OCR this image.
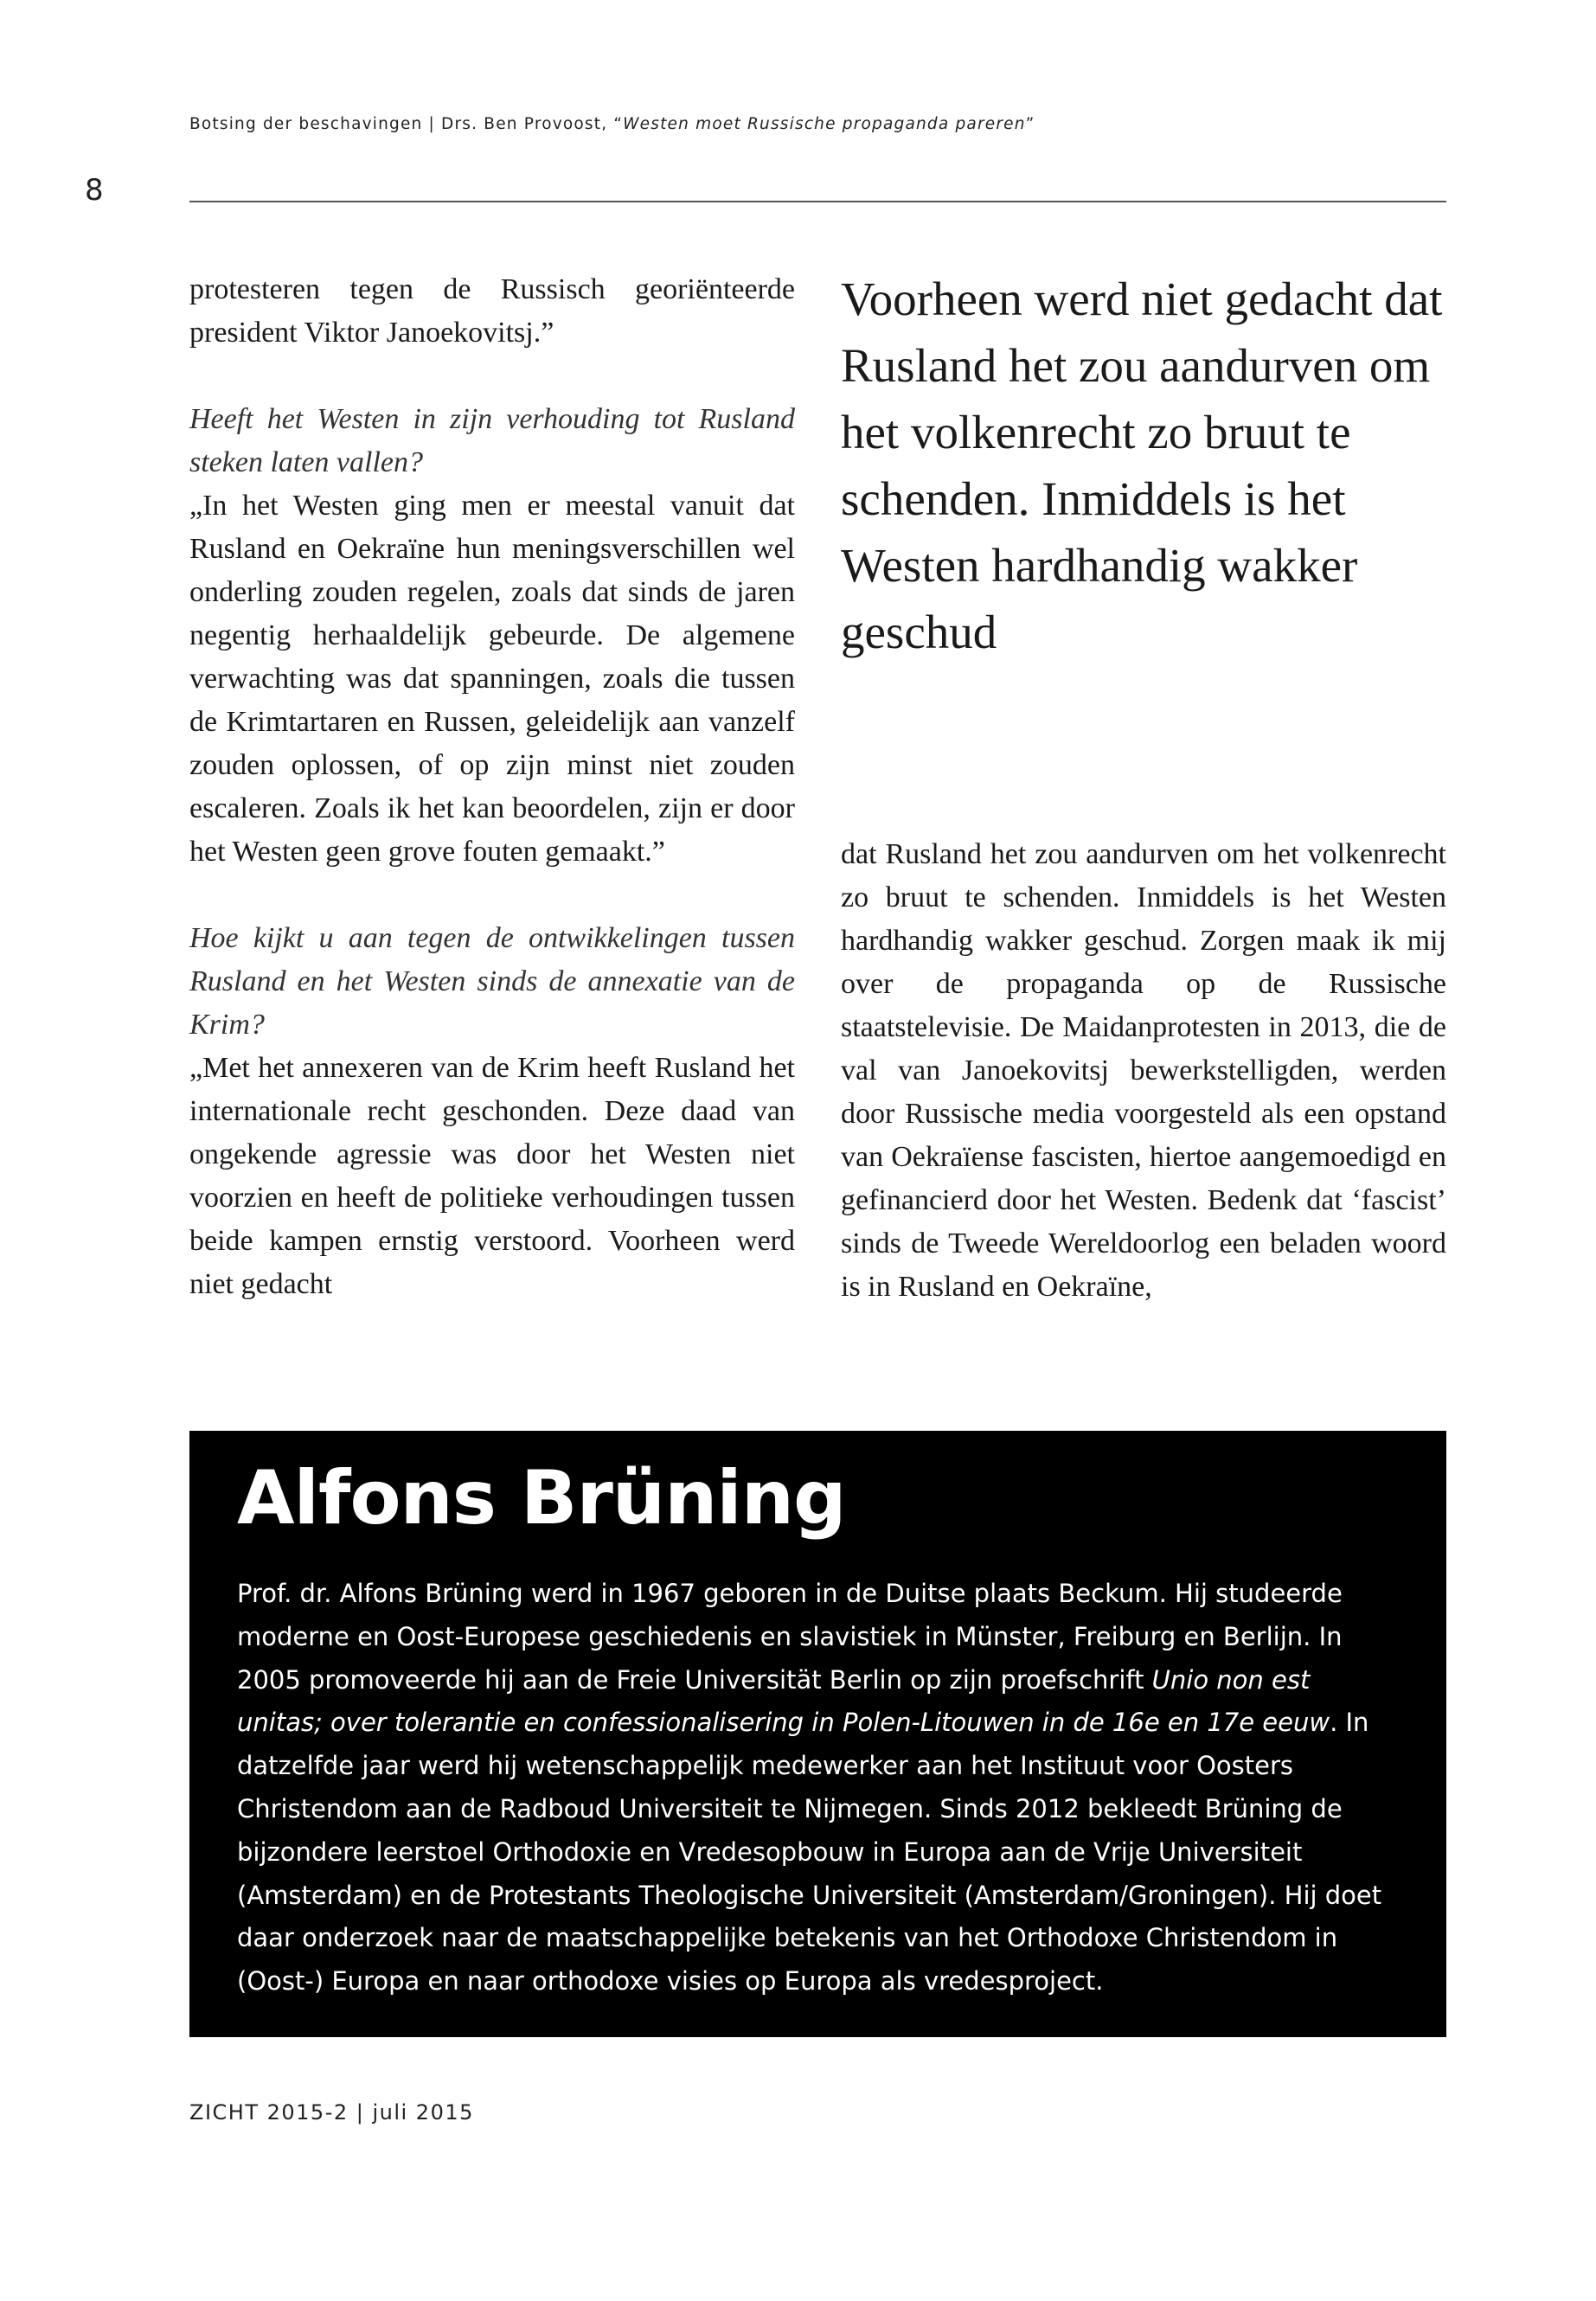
Botsing der beschavingen | Drs. Ben Provoost, “Westen moet Russische propaganda pareren”
8

protesteren tegen de Russisch georiënteerde president Viktor Janoekovitsj.”

Heeft het Westen in zijn verhouding tot Rusland steken laten vallen?

„In het Westen ging men er meestal vanuit dat Rusland en Oekraïne hun meningsverschillen wel onderling zouden regelen, zoals dat sinds de jaren negentig herhaaldelijk gebeurde. De algemene verwachting was dat spanningen, zoals die tussen de Krimtartaren en Russen, geleidelijk aan vanzelf zouden oplossen, of op zijn minst niet zouden escaleren. Zoals ik het kan beoordelen, zijn er door het Westen geen grove fouten gemaakt.”

Hoe kijkt u aan tegen de ontwikkelingen tussen Rusland en het Westen sinds de annexatie van de Krim?

„Met het annexeren van de Krim heeft Rusland het internationale recht geschonden. Deze daad van ongekende agressie was door het Westen niet voorzien en heeft de politieke verhoudingen tussen beide kampen ernstig verstoord. Voorheen werd niet gedacht

Voorheen werd niet gedacht dat Rusland het zou aandurven om het volkenrecht zo bruut te schenden. Inmiddels is het Westen hardhandig wakker geschud

dat Rusland het zou aandurven om het volkenrecht zo bruut te schenden. Inmiddels is het Westen hardhandig wakker geschud. Zorgen maak ik mij over de propaganda op de Russische staatstelevisie. De Maidanprotesten in 2013, die de val van Janoekovitsj bewerkstelligden, werden door Russische media voorgesteld als een opstand van Oekraïense fascisten, hiertoe aangemoedigd en gefinancierd door het Westen. Bedenk dat ‘fascist’ sinds de Tweede Wereldoorlog een beladen woord is in Rusland en Oekraïne,

Alfons Brüning

Prof. dr. Alfons Brüning werd in 1967 geboren in de Duitse plaats Beckum. Hij studeerde moderne en Oost-Europese geschiedenis en slavistiek in Münster, Freiburg en Berlijn. In 2005 promoveerde hij aan de Freie Universität Berlin op zijn proefschrift Unio non est unitas; over tolerantie en confessionalisering in Polen-Litouwen in de 16e en 17e eeuw. In datzelfde jaar werd hij wetenschappelijk medewerker aan het Instituut voor Oosters Christendom aan de Radboud Universiteit te Nijmegen. Sinds 2012 bekleedt Brüning de bijzondere leerstoel Orthodoxie en Vredesopbouw in Europa aan de Vrije Universiteit (Amsterdam) en de Protestants Theologische Universiteit (Amsterdam/Groningen). Hij doet daar onderzoek naar de maatschappelijke betekenis van het Orthodoxe Christendom in (Oost-) Europa en naar orthodoxe visies op Europa als vredesproject.

ZICHT 2015-2 | juli 2015
